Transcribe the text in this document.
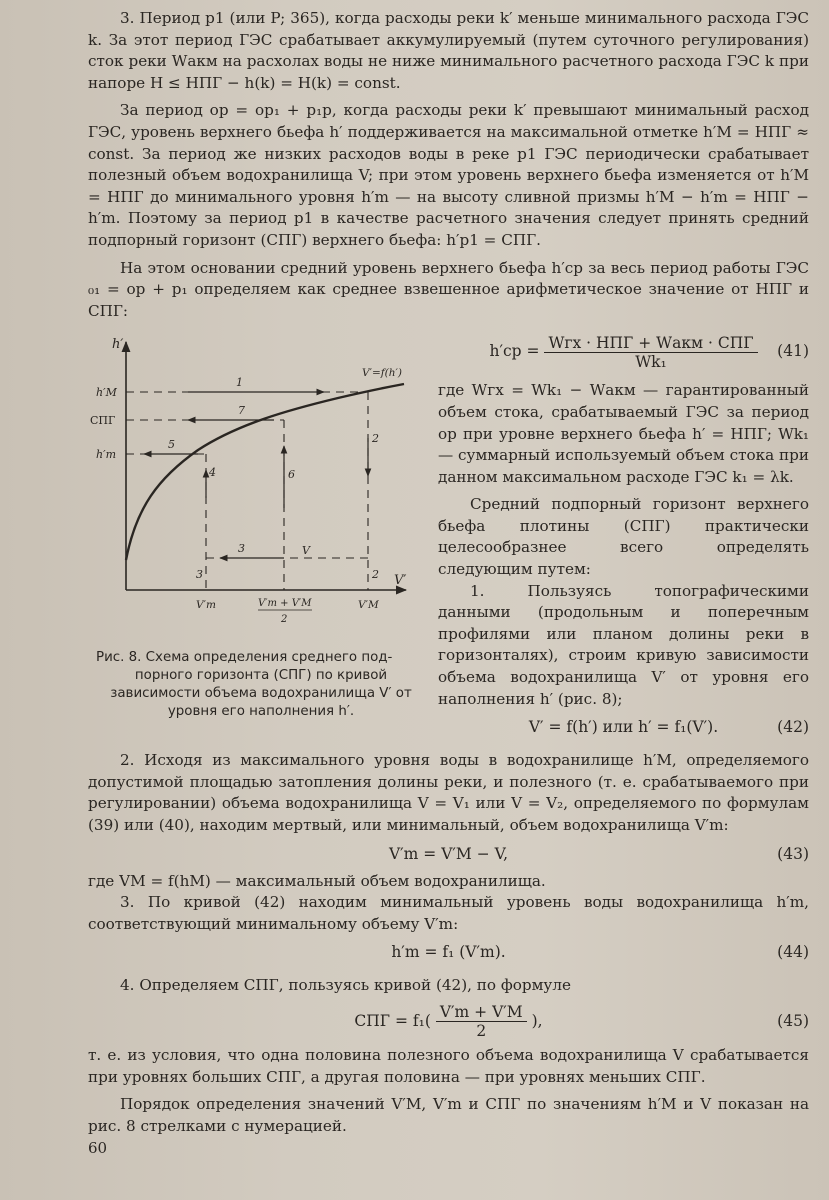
3. Период p1 (или P; 365), когда расходы реки k′ меньше минимального расхода ГЭС k. За этот период ГЭС срабатывает аккумулируемый (путем суточного регулирования) сток реки Wакм на расхолах воды не ниже минимального расчетного расхода ГЭС k при напоре H ≤ НПГ − h(k) = H(k) = const.

За период op = op₁ + p₁p, когда расходы реки k′ превышают минимальный расход ГЭС, уровень верхнего бьефа h′ поддерживается на максимальной отметке h′M = НПГ ≈ const. За период же низких расходов воды в реке p1 ГЭС периодически срабатывает полезный объем водохранилища V; при этом уровень верхнего бьефа изменяется от h′M = НПГ до минимального уровня h′m — на высоту сливной призмы h′M − h′m = НПГ − h′m. Поэтому за период p1 в качестве расчетного значения следует принять средний подпорный горизонт (СПГ) верхнего бьефа: h′p1 = СПГ.

На этом основании средний уровень верхнего бьефа h′ср за весь период работы ГЭС ₀₁ = op + p₁ определяем как среднее взвешенное арифметическое значение от НПГ и СПГ:

h′
V′
V′=f(h′)
1
2
2
3
3
4
5
6
7
h′M
СПГ
h′m
V′m	V′m + V′M
2
V′M
V
Рис. 8. Схема определения среднего под-
порного горизонта (СПГ) по кривой зависимости объема водохранилища V′ от уровня его наполнения h′.
$h'ср = \frac{\text{Wгх · НПГ + Wакм · СПГ}}{\text{Wk₁}} (41)$

где Wгх = Wk₁ − Wакм — гарантированный объем стока, срабатываемый ГЭС за период op при уровне верхнего бьефа h′ = НПГ; Wk₁ — суммарный используемый объем стока при данном максимальном расходе ГЭС k₁ = λk.

Средний подпорный горизонт верхнего бьефа плотины (СПГ) практически целесообразнее всего определять следующим путем:

1. Пользуясь топографическими данными (продольным и поперечным профилями или планом долины реки в горизонталях), строим кривую зависимости объема водохранилища V′ от уровня его наполнения h′ (рис. 8);

V′ = f(h′) или h′ = f₁(V′).	(42)

2. Исходя из максимального уровня воды в водохранилище h′M, определяемого допустимой площадью затопления долины реки, и полезного (т. е. срабатываемого при регулировании) объема водохранилища V = V₁ или V = V₂, определяемого по формулам (39) или (40), находим мертвый, или минимальный, объем водохранилища V′m:

V′m = V′M − V,	(43)

где VM = f(hM) — максимальный объем водохранилища.

3. По кривой (42) находим минимальный уровень воды водохранилища h′m, соответствующий минимальному объему V′m:

h′m = f₁ (V′m).	(44)

4. Определяем СПГ, пользуясь кривой (42), по формуле

СПГ = $f_1( \frac{V'm + V'M}{2}$ ),	(45)

т. е. из условия, что одна половина полезного объема водохранилища V срабатывается при уровнях больших СПГ, а другая половина — при уровнях меньших СПГ.

Порядок определения значений V′M, V′m и СПГ по значениям h′M и V показан на рис. 8 стрелками с нумерацией.

60
